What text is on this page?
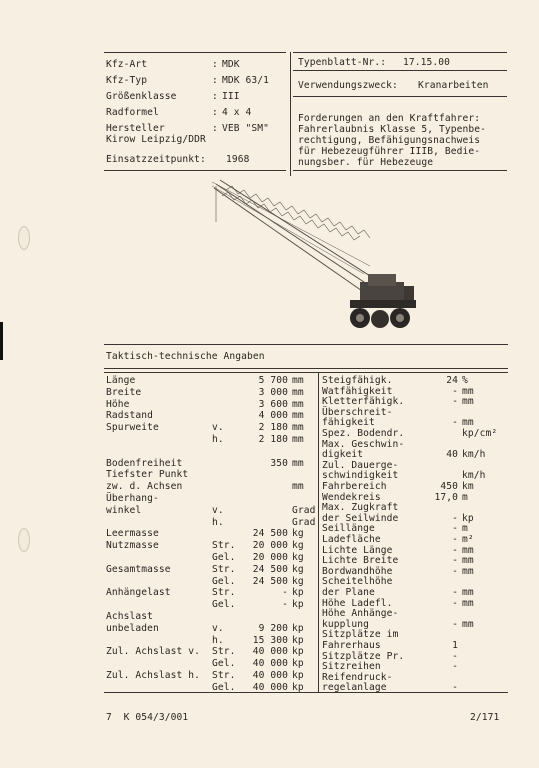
Kfz-Art	: MDK
Kfz-Typ	: MDK 63/1
Größenklasse	: III
Radformel	: 4 x 4
Hersteller	: VEB "SM"
Kirow Leipzig/DDR
Einsatzzeitpunkt: 1968
Typenblatt-Nr.: 17.15.00
Verwendungszweck: Kranarbeiten
Forderungen an den Kraftfahrer:
Fahrerlaubnis Klasse 5, Typenbe-
rechtigung, Befähigungsnachweis
für Hebezeugführer IIIB, Bedie-
nungsber. für Hebezeuge
Taktisch-technische Angaben
Länge	5 700 mm
Breite	3 000 mm
Höhe	3 600 mm
Radstand	4 000 mm
Spurweite	v.	2 180 mm
h.	2 180 mm
Bodenfreiheit	350 mm
Tiefster Punkt
zw. d. Achsen	mm
Überhang-
winkel	v.	Grad
h.	Grad
Leermasse	24 500 kg
Nutzmasse	Str.	20 000 kg
Gel.	20 000 kg
Gesamtmasse	Str.	24 500 kg
Gel.	24 500 kg
Anhängelast	Str.	- kp
Gel.	- kp
Achslast
unbeladen	v.	9 200 kp
h.	15 300 kp
Zul. Achslast v. Str.	40 000 kp
Gel.	40 000 kp
Zul. Achslast h. Str.	40 000 kp
Gel.	40 000 kp
Steigfähigk.	24 %
Watfähigkeit	- mm
Kletterfähigk.	- mm
Überschreit-
fähigkeit	- mm
Spez. Bodendr.	kp/cm²
Max. Geschwin-
digkeit	40 km/h
Zul. Dauerge-
schwindigkeit	km/h
Fahrbereich	450 km
Wendekreis	17,0 m
Max. Zugkraft
der Seilwinde	- kp
Seillänge	- m
Ladefläche	- m²
Lichte Länge	- mm
Lichte Breite	- mm
Bordwandhöhe	- mm
Scheitelhöhe
der Plane	- mm
Höhe Ladefl.	- mm
Höhe Anhänge-
kupplung	- mm
Sitzplätze im
Fahrerhaus	1
Sitzplätze Pr.	-
Sitzreihen	-
Reifendruck-
regelanlage	-
7  K 054/3/001	2/171
